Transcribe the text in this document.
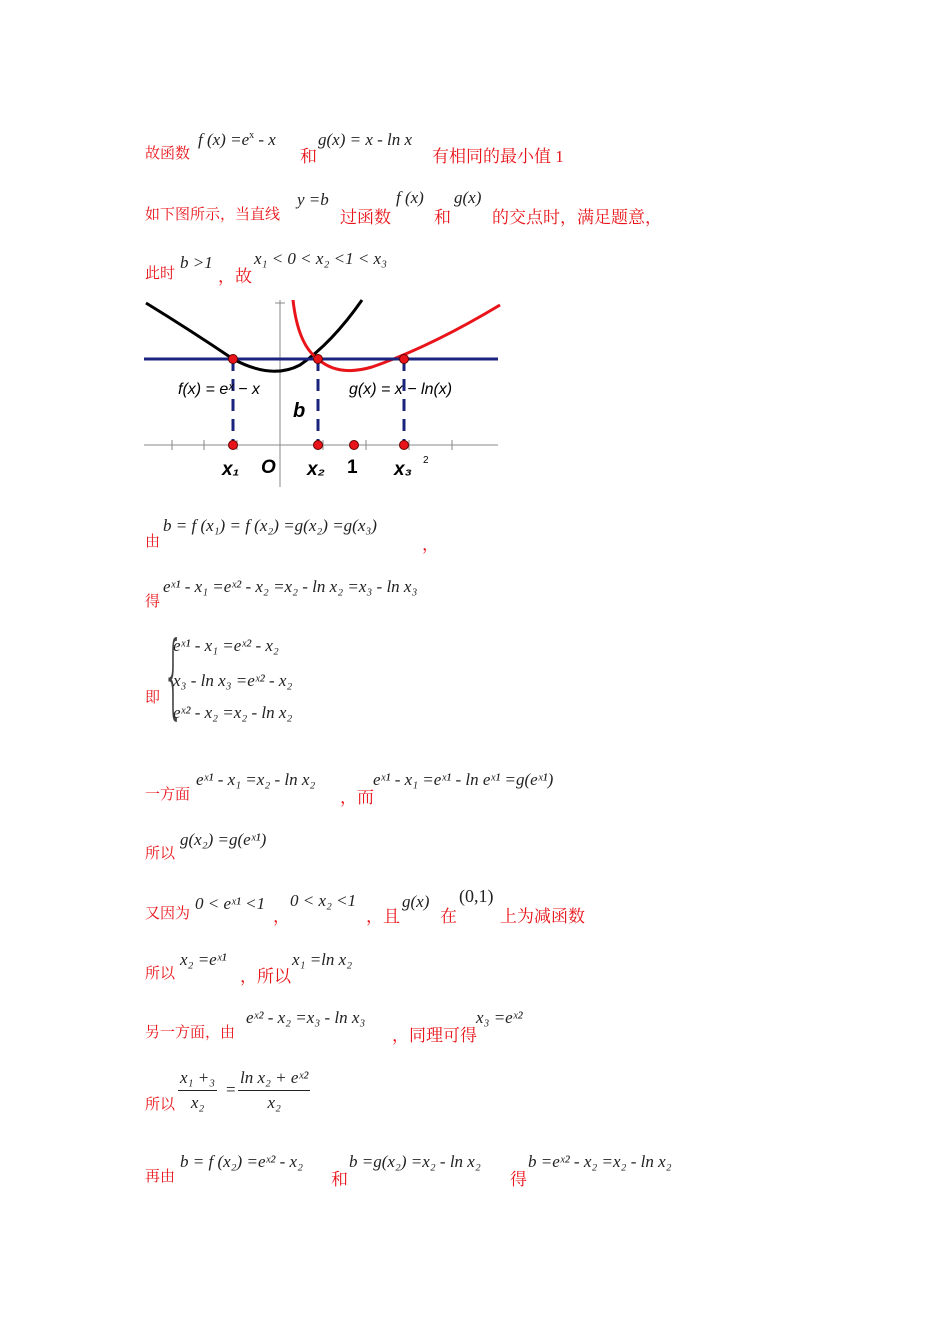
故函数
f $(x) =e^x - x$
和
g(x) = x - ln x
有相同的最小值 1
如下图所示，当直线
y =b
过函数
f (x)
和
g(x)
的交点时，满足题意，
此时
b >1
，故
x₁ < 0 < x₂ <1 < x₃
f(x) = eˣ − x	g(x) = x − ln(x)
b
x₁ O x₂ 1 x₃ 2
由
b = f (x₁) = f (x₂) =g(x₂) =g(x₃)
，
得
eˣ¹ - x₁ =eˣ² - x₂ =x₂ - ln x₂ =x₃ - ln x₃
即 {
eˣ¹ - x₁ =eˣ² - x₂
x₃ - ln x₃ =eˣ² - x₂
eˣ² - x₂ =x₂ - ln x₂
一方面
eˣ¹ - x₁ =x₂ - ln x₂
，而
eˣ¹ - x₁ =eˣ¹ - ln eˣ¹ =g(eˣ¹)
所以
g(x₂) =g(eˣ¹)
又因为 0 < eˣ¹ <1
，
0 < x₂ <1
，且
g(x)
在
(0,1)
上为减函数
所以
x₂ =eˣ¹
，所以
x₁ =ln x₂
另一方面，由
eˣ² - x₂ =x₃ - ln x₃
，同理可得
x₃ =eˣ²
所以 $\frac{\text{x₁ +₃}}{\text{x₂}} = \frac{\text{ln x₂ + eˣ²}}{\text{x₂}}$
再由
b = f (x₂) =eˣ² - x₂
和
b =g(x₂) =x₂ - ln x₂
得
b =eˣ² - x₂ =x₂ - ln x₂
